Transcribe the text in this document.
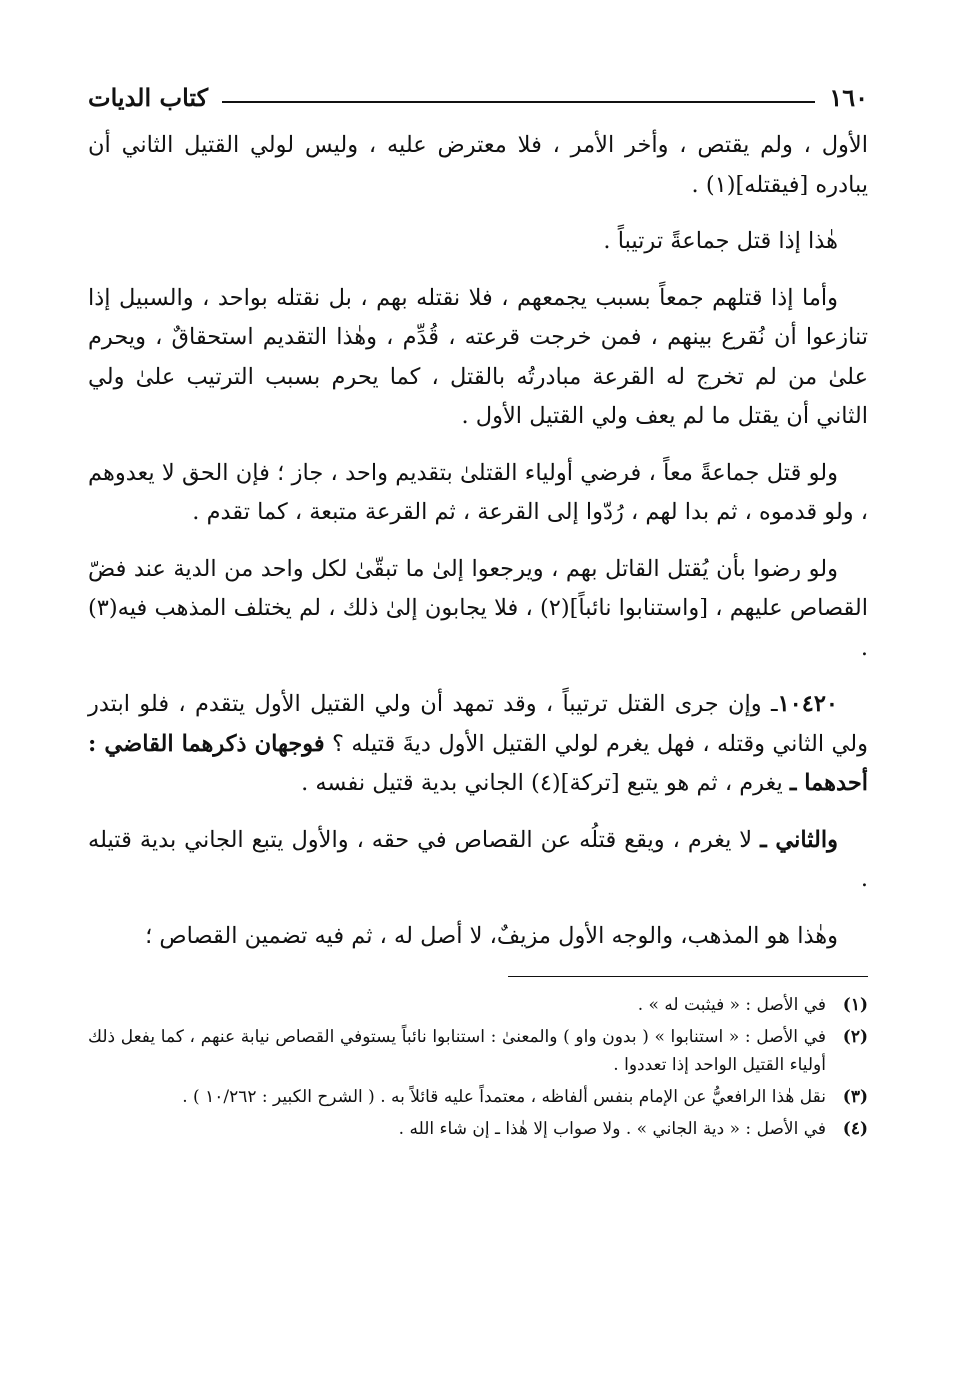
١٦٠
كتاب الديات

الأول ، ولم يقتص ، وأخر الأمر ، فلا معترض عليه ، وليس لولي القتيل الثاني أن يبادره [فيقتله](١) .

هٰذا إذا قتل جماعةً ترتيباً .

وأما إذا قتلهم جمعاً بسبب يجمعهم ، فلا نقتله بهم ، بل نقتله بواحد ، والسبيل إذا تنازعوا أن نُقرع بينهم ، فمن خرجت قرعته ، قُدِّم ، وهٰذا التقديم استحقاقٌ ، ويحرم علىٰ من لم تخرج له القرعة مبادرتُه بالقتل ، كما يحرم بسبب الترتيب علىٰ ولي الثاني أن يقتل ما لم يعف ولي القتيل الأول .

ولو قتل جماعةً معاً ، فرضي أولياء القتلىٰ بتقديم واحد ، جاز ؛ فإن الحق لا يعدوهم ، ولو قدموه ، ثم بدا لهم ، رُدّوا إلى القرعة ، ثم القرعة متبعة ، كما تقدم .

ولو رضوا بأن يُقتل القاتل بهم ، ويرجعوا إلىٰ ما تبقّىٰ لكل واحد من الدية عند فضّ القصاص عليهم ، [واستنابوا نائباً](٢) ، فلا يجابون إلىٰ ذلك ، لم يختلف المذهب فيه(٣) .

١٠٤٢٠ـ وإن جرى القتل ترتيباً ، وقد تمهد أن ولي القتيل الأول يتقدم ، فلو ابتدر ولي الثاني وقتله ، فهل يغرم لولي القتيل الأول ديةَ قتيله ؟ فوجهان ذكرهما القاضي : أحدهما ـ يغرم ، ثم هو يتبع [تركة](٤) الجاني بدية قتيل نفسه .

والثاني ـ لا يغرم ، ويقع قتلُه عن القصاص في حقه ، والأول يتبع الجاني بدية قتيله .

وهٰذا هو المذهب، والوجه الأول مزيفٌ، لا أصل له ، ثم فيه تضمين القصاص ؛

(١)
في الأصل : « فيثبت له » .
(٢)
في الأصل : « استنابوا » ( بدون واو ) والمعنىٰ : استنابوا نائباً يستوفي القصاص نيابة عنهم ، كما يفعل ذلك أولياء القتيل الواحد إذا تعددوا .
(٣)
نقل هٰذا الرافعيُّ عن الإمام بنفس ألفاظه ، معتمداً عليه قائلاً به . ( الشرح الكبير : ١٠/٢٦٢ ) .
(٤)
في الأصل : « دية الجاني » . ولا صواب إلا هٰذا ـ إن شاء الله .
